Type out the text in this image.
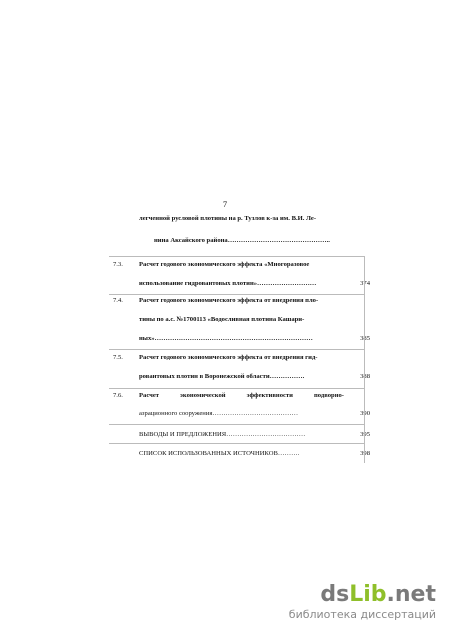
7
легченной русловой плотины на р. Тузлов к-за им. В.И. Ле-
нина Аксайского района………………………………………..
7.3. Расчет годового экономического эффекта «Многоразовое
использование гидровантовых плотин»………………………	374
7.4. Расчет годового экономического эффекта от внедрения пло-
тины по а.с. №1700113 «Водосливная плотина Кашари-
ных»………………………………………………………………	385
7.5. Расчет годового экономического эффекта от внедрения гид-
ровантовых плотин в Воронежской области…………….	388
7.6. Расчет	экономической	эффективности	подворно-
азрационного сооружения…………………………………	390
ВЫВОДЫ И ПРЕДЛОЖЕНИЯ………………………………	395
СПИСОК ИСПОЛЬЗОВАННЫХ ИСТОЧНИКОВ……….	398
dsLib.net
библиотека диссертаций
